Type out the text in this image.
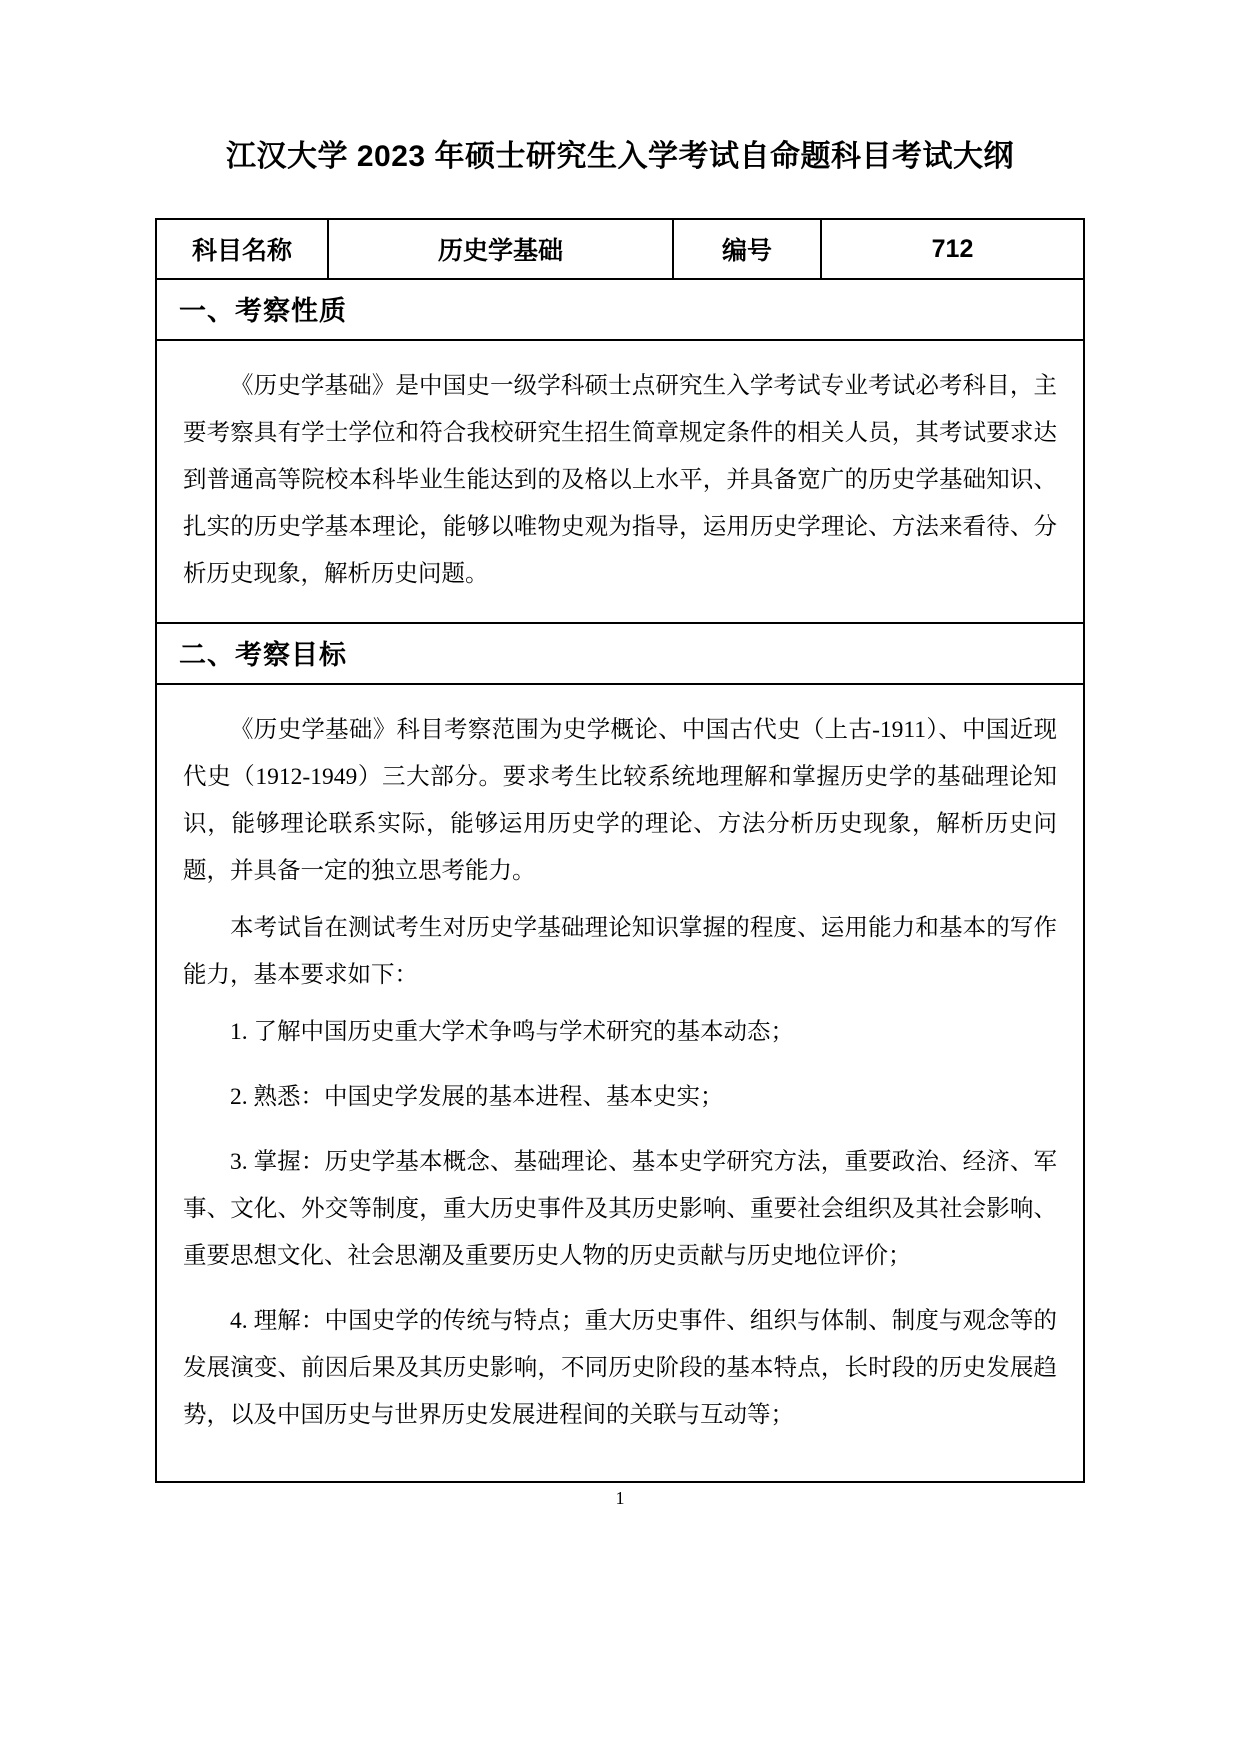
江汉大学 2023 年硕士研究生入学考试自命题科目考试大纲
科目名称	历史学基础	编号	712
一、考察性质

《历史学基础》是中国史一级学科硕士点研究生入学考试专业考试必考科目，主要考察具有学士学位和符合我校研究生招生简章规定条件的相关人员，其考试要求达到普通高等院校本科毕业生能达到的及格以上水平，并具备宽广的历史学基础知识、扎实的历史学基本理论，能够以唯物史观为指导，运用历史学理论、方法来看待、分析历史现象，解析历史问题。

二、考察目标

《历史学基础》科目考察范围为史学概论、中国古代史（上古-1911）、中国近现代史（1912-1949）三大部分。要求考生比较系统地理解和掌握历史学的基础理论知识，能够理论联系实际，能够运用历史学的理论、方法分析历史现象，解析历史问题，并具备一定的独立思考能力。

本考试旨在测试考生对历史学基础理论知识掌握的程度、运用能力和基本的写作能力，基本要求如下：

1. 了解中国历史重大学术争鸣与学术研究的基本动态；

2. 熟悉：中国史学发展的基本进程、基本史实；

3. 掌握：历史学基本概念、基础理论、基本史学研究方法，重要政治、经济、军事、文化、外交等制度，重大历史事件及其历史影响、重要社会组织及其社会影响、重要思想文化、社会思潮及重要历史人物的历史贡献与历史地位评价；

4. 理解：中国史学的传统与特点；重大历史事件、组织与体制、制度与观念等的发展演变、前因后果及其历史影响，不同历史阶段的基本特点，长时段的历史发展趋势，以及中国历史与世界历史发展进程间的关联与互动等；

1
